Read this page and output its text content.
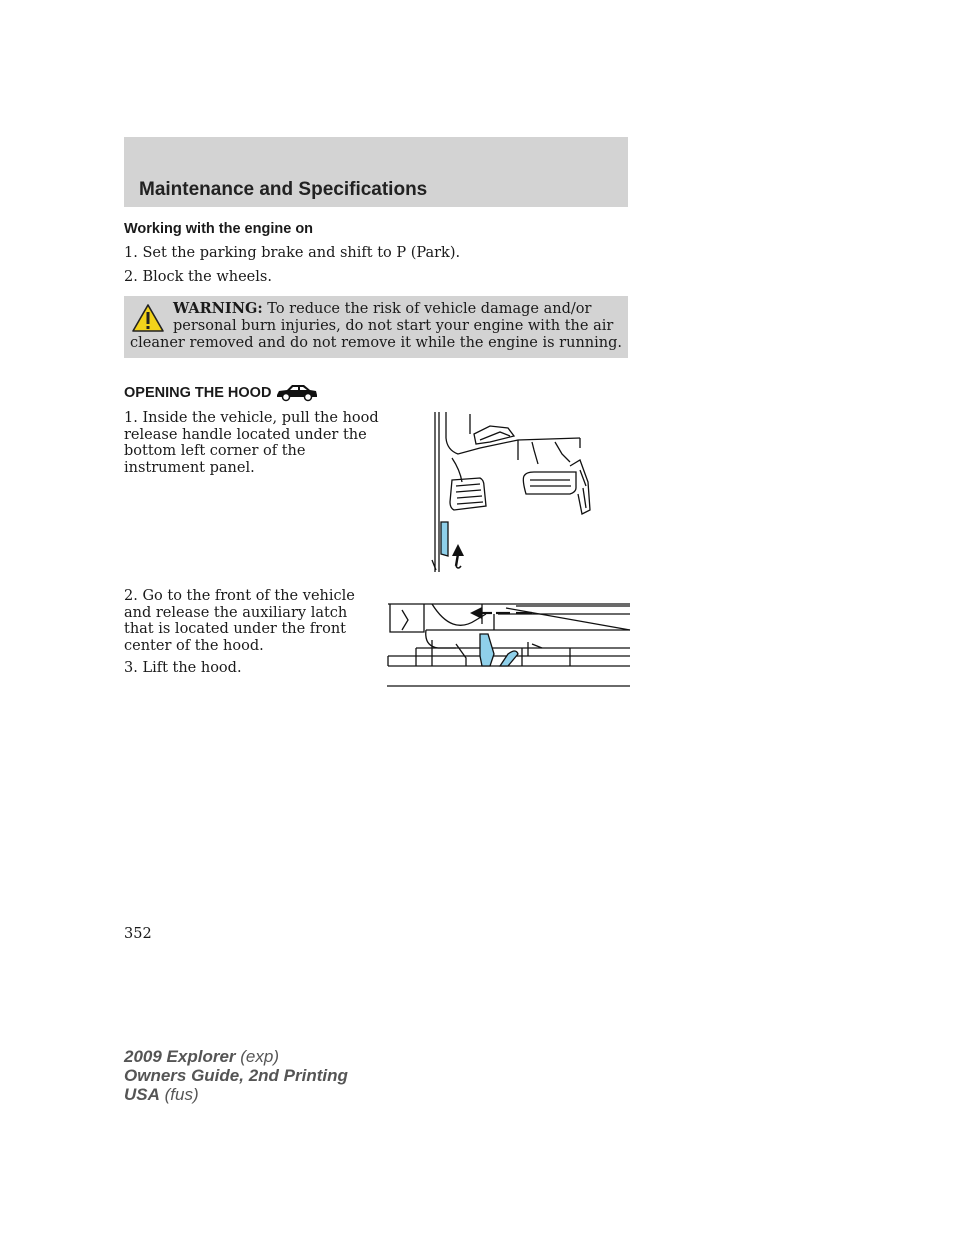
Maintenance and Specifications
Working with the engine on
1. Set the parking brake and shift to P (Park).
2. Block the wheels.
WARNING: To reduce the risk of vehicle damage and/or
personal burn injuries, do not start your engine with the air
cleaner removed and do not remove it while the engine is running.
OPENING THE HOOD
1. Inside the vehicle, pull the hood release handle located under the bottom left corner of the instrument panel.
2. Go to the front of the vehicle and release the auxiliary latch that is located under the front center of the hood.
3. Lift the hood.
352
2009 Explorer (exp)
Owners Guide, 2nd Printing
USA (fus)
